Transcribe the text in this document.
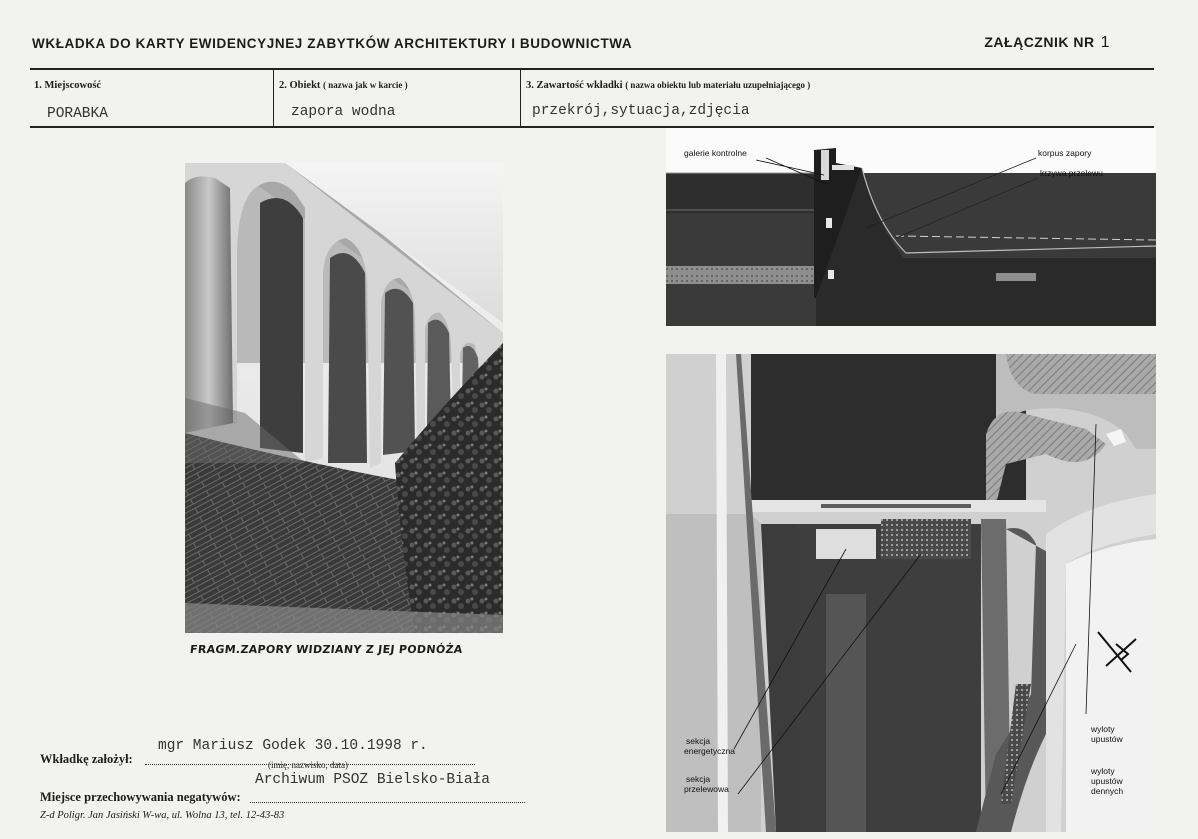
WKŁADKA DO KARTY EWIDENCYJNEJ ZABYTKÓW ARCHITEKTURY I BUDOWNICTWA	ZAŁĄCZNIK NR 1
1. Miejscowość
PORABKA
2. Obiekt ( nazwa jak w karcie )
zapora wodna
3. Zawartość wkładki ( nazwa obiektu lub materiału uzupełniającego )
przekrój,sytuacja,zdjęcia
FRAGM.ZAPORY WIDZIANY Z JEJ PODNÓŻA
galerie kontrolne	korpus zapory
krzywa przelewu
sekcja energetyczna
sekcja przelewowa
wyloty upustów
wyloty upustów dennych
Wkładkę założył:
mgr Mariusz Godek 30.10.1998 r.
(imię, nazwisko, data)
Miejsce przechowywania negatywów:
Archiwum PSOZ Bielsko-Biała
Z-d Poligr. Jan Jasiński W-wa, ul. Wolna 13, tel. 12-43-83
